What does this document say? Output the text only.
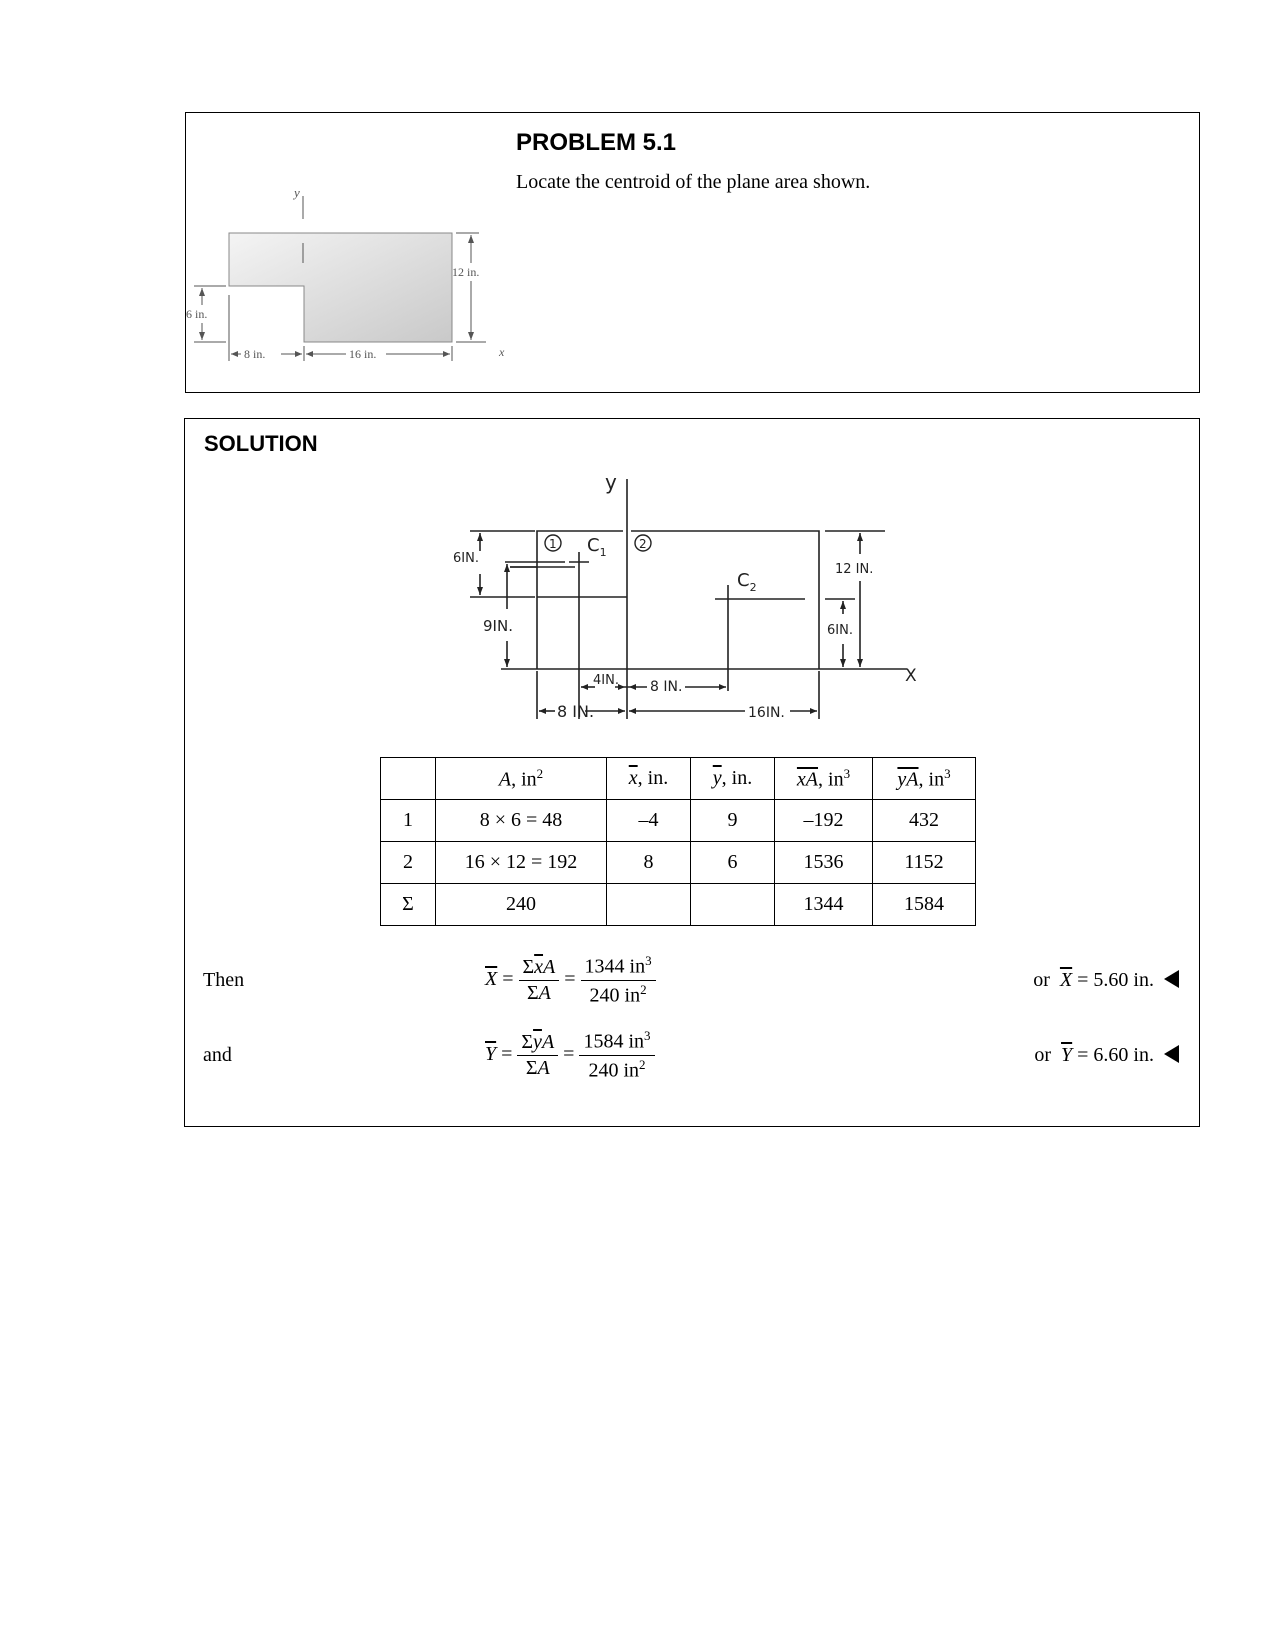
y
x
6 in.
12 in.
8 in.	16 in.
PROBLEM 5.1
Locate the centroid of the plane area shown.
SOLUTION
1	2
y
X
$C_1$
$C_2$
6IN.
9IN.
12 IN.
6IN.
4IN. 8 IN.
8 IN.	16IN.
	A, $in^2$	$\overline{x}$, in.	$\overline{y}$, in.	$\overline{xA}$, $in^3$	$\overline{yA}$, $in^3$
1	8 × 6 = 48	–4	9	–192	432
2	16 × 12 = 192	8	6	1536	1152
Σ	240			1344	1584
Then
and
$\overline{X} = \frac{\Sigma\overline{x}A}{\Sigma A} = \frac{1344 in^3}{240 in^2}$	or $\overline{X} = 5.60$ in.
$\overline{Y} = \frac{\Sigma\overline{y}A}{\Sigma A} = \frac{1584 in^3}{240 in^2}$	or $\overline{Y} = 6.60$ in.
